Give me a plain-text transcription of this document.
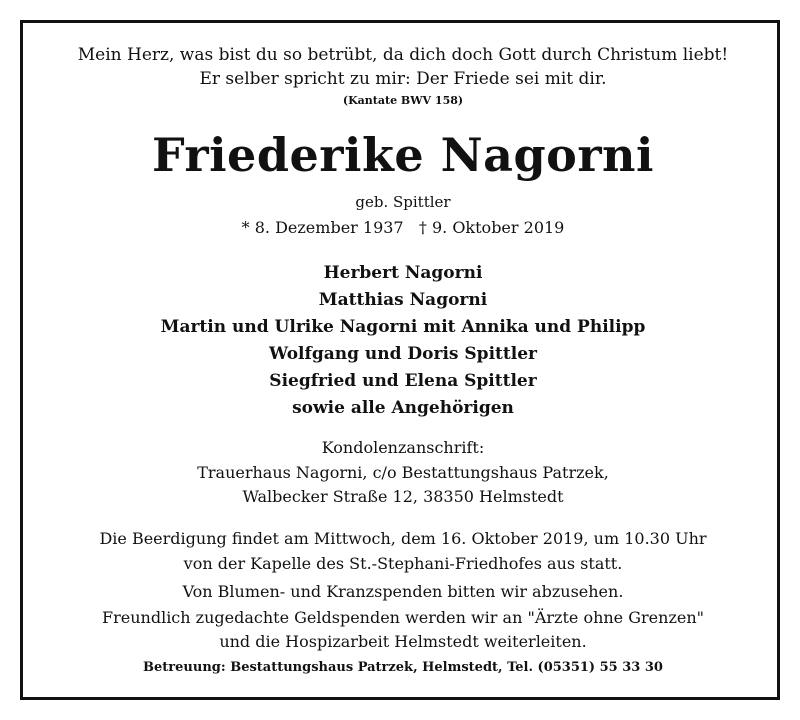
Mein Herz, was bist du so betrübt, da dich doch Gott durch Christum liebt!
Er selber spricht zu mir: Der Friede sei mit dir.
(Kantate BWV 158)
Friederike Nagorni
geb. Spittler
* 8. Dezember 1937 † 9. Oktober 2019
Herbert Nagorni
Matthias Nagorni
Martin und Ulrike Nagorni mit Annika und Philipp
Wolfgang und Doris Spittler
Siegfried und Elena Spittler
sowie alle Angehörigen
Kondolenzanschrift:
Trauerhaus Nagorni, c/o Bestattungshaus Patrzek,
Walbecker Straße 12, 38350 Helmstedt
Die Beerdigung findet am Mittwoch, dem 16. Oktober 2019, um 10.30 Uhr
von der Kapelle des St.-Stephani-Friedhofes aus statt.
Von Blumen- und Kranzspenden bitten wir abzusehen.
Freundlich zugedachte Geldspenden werden wir an "Ärzte ohne Grenzen"
und die Hospizarbeit Helmstedt weiterleiten.
Betreuung: Bestattungshaus Patrzek, Helmstedt, Tel. (05351) 55 33 30
